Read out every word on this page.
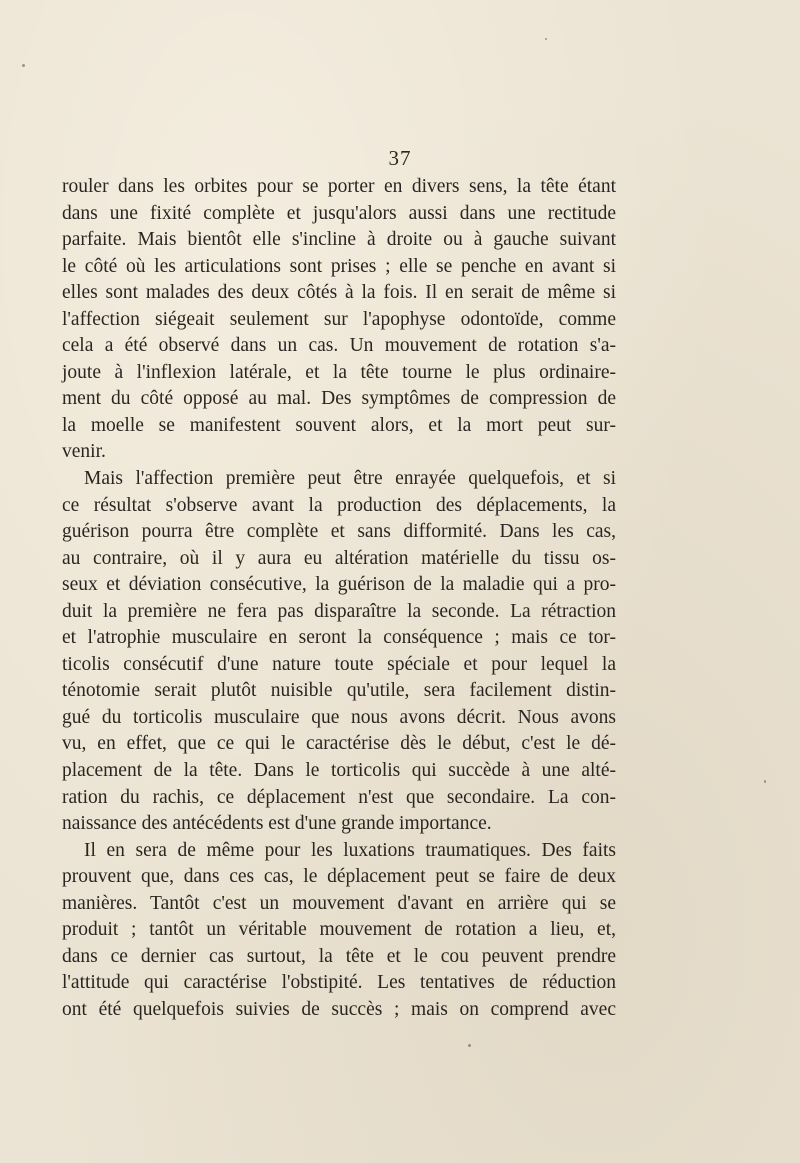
37
rouler dans les orbites pour se porter en divers sens, la tête étant
dans une fixité complète et jusqu'alors aussi dans une rectitude
parfaite. Mais bientôt elle s'incline à droite ou à gauche suivant
le côté où les articulations sont prises ; elle se penche en avant si
elles sont malades des deux côtés à la fois. Il en serait de même si
l'affection siégeait seulement sur l'apophyse odontoïde, comme
cela a été observé dans un cas. Un mouvement de rotation s'a-
joute à l'inflexion latérale, et la tête tourne le plus ordinaire-
ment du côté opposé au mal. Des symptômes de compression de
la moelle se manifestent souvent alors, et la mort peut sur-
venir.
Mais l'affection première peut être enrayée quelquefois, et si
ce résultat s'observe avant la production des déplacements, la
guérison pourra être complète et sans difformité. Dans les cas,
au contraire, où il y aura eu altération matérielle du tissu os-
seux et déviation consécutive, la guérison de la maladie qui a pro-
duit la première ne fera pas disparaître la seconde. La rétraction
et l'atrophie musculaire en seront la conséquence ; mais ce tor-
ticolis consécutif d'une nature toute spéciale et pour lequel la
ténotomie serait plutôt nuisible qu'utile, sera facilement distin-
gué du torticolis musculaire que nous avons décrit. Nous avons
vu, en effet, que ce qui le caractérise dès le début, c'est le dé-
placement de la tête. Dans le torticolis qui succède à une alté-
ration du rachis, ce déplacement n'est que secondaire. La con-
naissance des antécédents est d'une grande importance.
Il en sera de même pour les luxations traumatiques. Des faits
prouvent que, dans ces cas, le déplacement peut se faire de deux
manières. Tantôt c'est un mouvement d'avant en arrière qui se
produit ; tantôt un véritable mouvement de rotation a lieu, et,
dans ce dernier cas surtout, la tête et le cou peuvent prendre
l'attitude qui caractérise l'obstipité. Les tentatives de réduction
ont été quelquefois suivies de succès ; mais on comprend avec
